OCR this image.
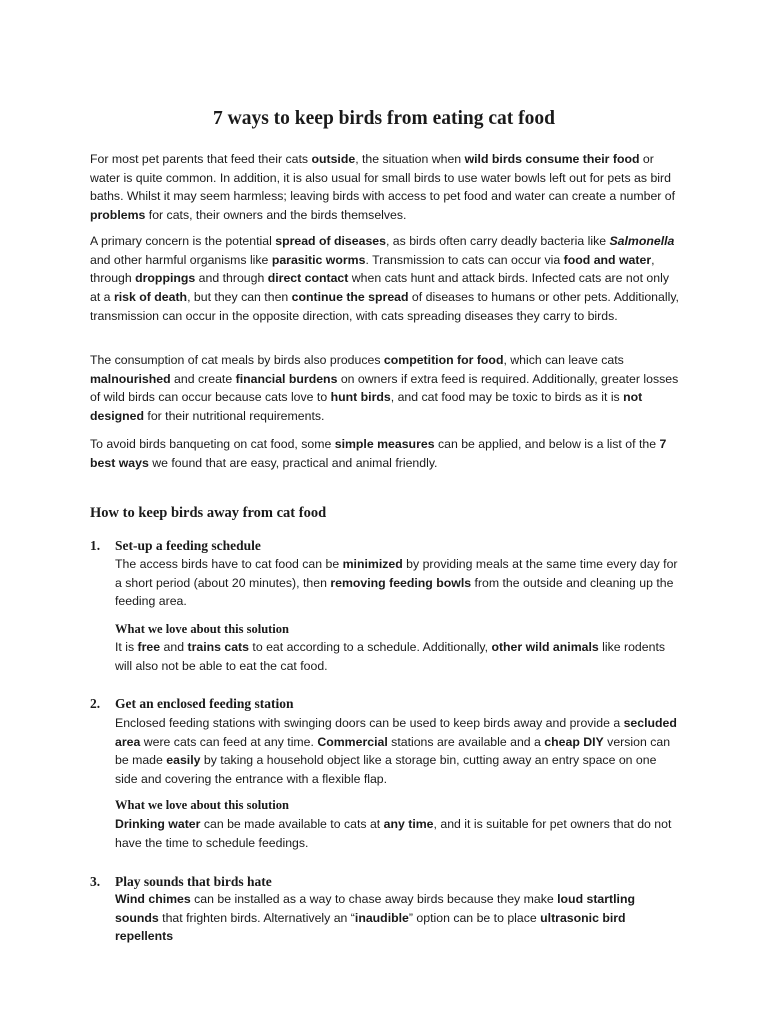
7 ways to keep birds from eating cat food

For most pet parents that feed their cats outside, the situation when wild birds consume their food or water is quite common. In addition, it is also usual for small birds to use water bowls left out for pets as bird baths. Whilst it may seem harmless; leaving birds with access to pet food and water can create a number of problems for cats, their owners and the birds themselves.

A primary concern is the potential spread of diseases, as birds often carry deadly bacteria like Salmonella and other harmful organisms like parasitic worms. Transmission to cats can occur via food and water, through droppings and through direct contact when cats hunt and attack birds. Infected cats are not only at a risk of death, but they can then continue the spread of diseases to humans or other pets. Additionally, transmission can occur in the opposite direction, with cats spreading diseases they carry to birds.

The consumption of cat meals by birds also produces competition for food, which can leave cats malnourished and create financial burdens on owners if extra feed is required. Additionally, greater losses of wild birds can occur because cats love to hunt birds, and cat food may be toxic to birds as it is not designed for their nutritional requirements.

To avoid birds banqueting on cat food, some simple measures can be applied, and below is a list of the 7 best ways we found that are easy, practical and animal friendly.

How to keep birds away from cat food
1. Set-up a feeding schedule

The access birds have to cat food can be minimized by providing meals at the same time every day for a short period (about 20 minutes), then removing feeding bowls from the outside and cleaning up the feeding area.

What we love about this solution

It is free and trains cats to eat according to a schedule. Additionally, other wild animals like rodents will also not be able to eat the cat food.

2. Get an enclosed feeding station

Enclosed feeding stations with swinging doors can be used to keep birds away and provide a secluded area were cats can feed at any time. Commercial stations are available and a cheap DIY version can be made easily by taking a household object like a storage bin, cutting away an entry space on one side and covering the entrance with a flexible flap.

What we love about this solution

Drinking water can be made available to cats at any time, and it is suitable for pet owners that do not have the time to schedule feedings.

3. Play sounds that birds hate

Wind chimes can be installed as a way to chase away birds because they make loud startling sounds that frighten birds. Alternatively an “inaudible” option can be to place ultrasonic bird repellents
